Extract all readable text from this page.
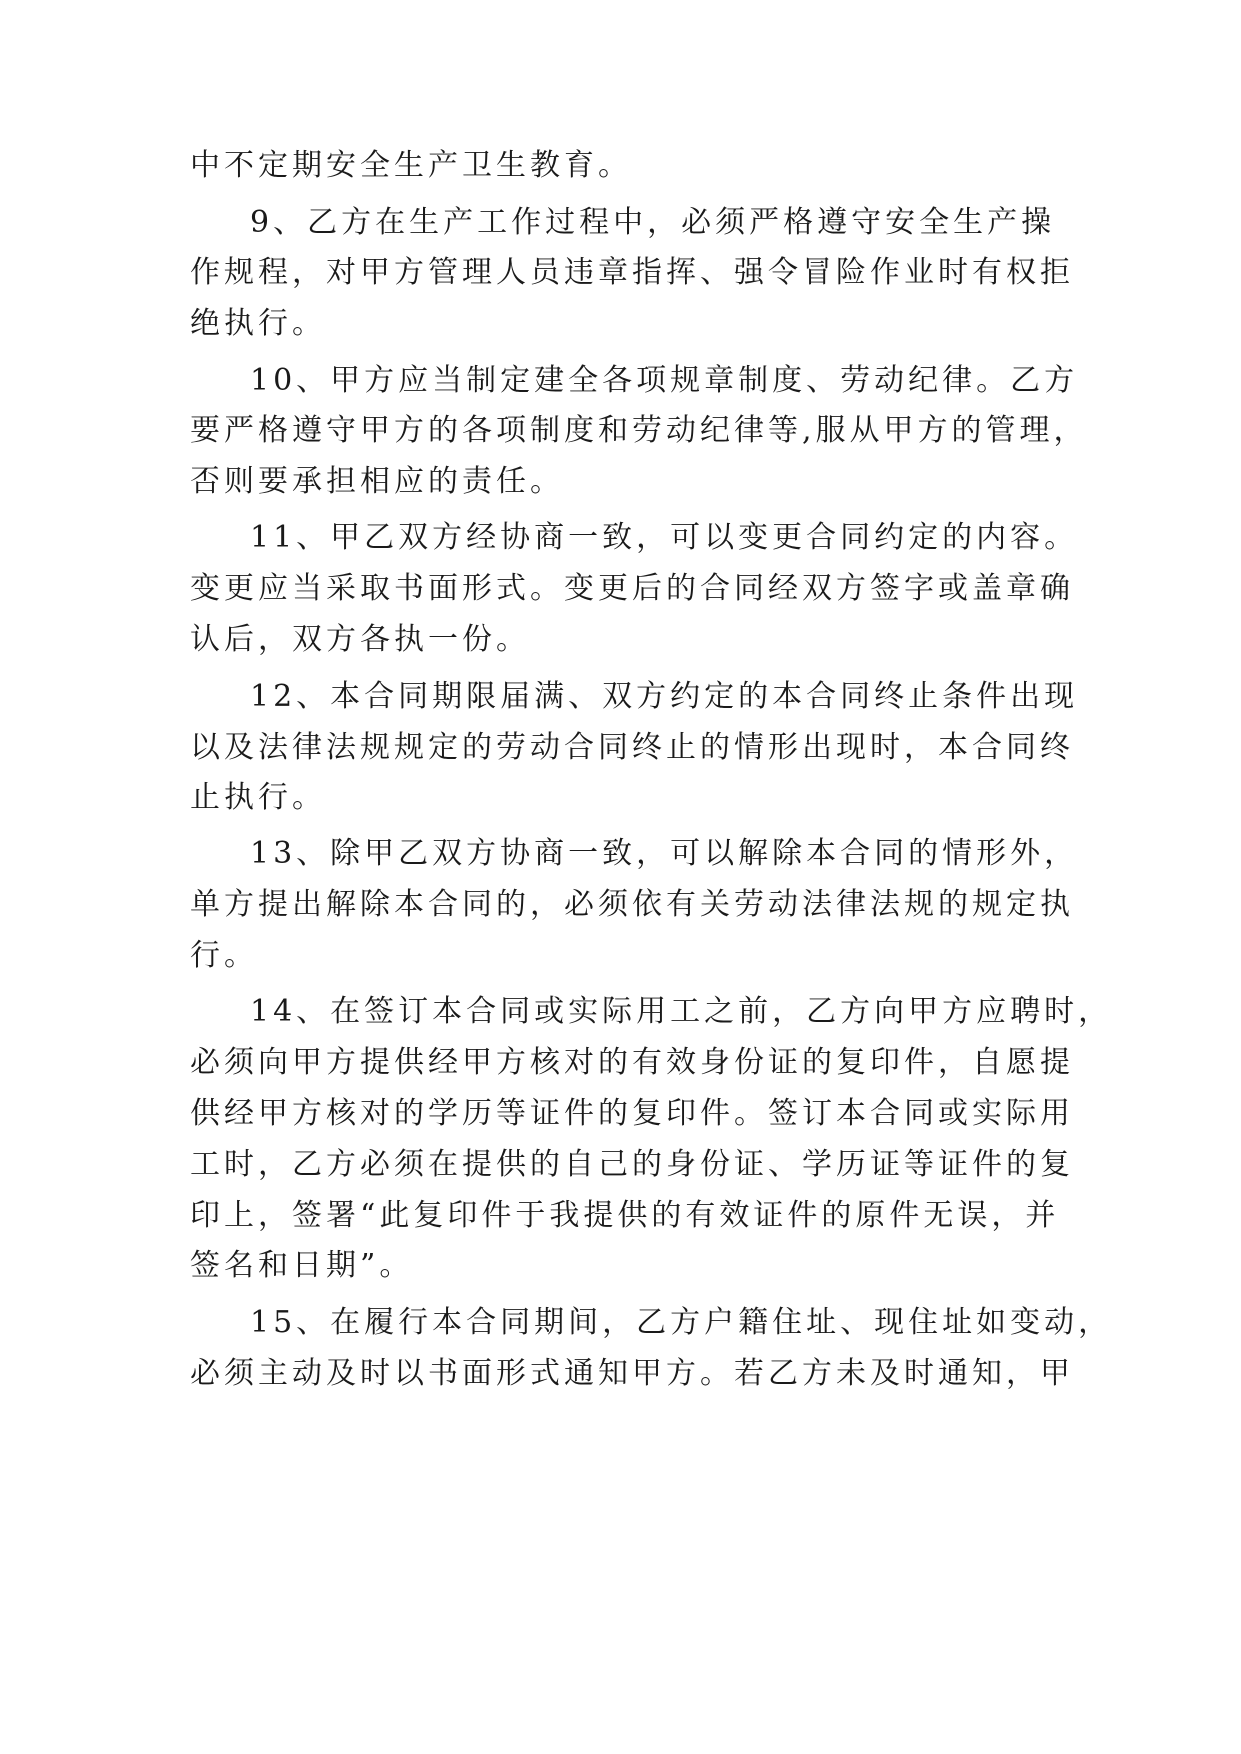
中不定期安全生产卫生教育。
9、乙方在生产工作过程中，必须严格遵守安全生产操
作规程，对甲方管理人员违章指挥、强令冒险作业时有权拒
绝执行。
10、甲方应当制定建全各项规章制度、劳动纪律。乙方
要严格遵守甲方的各项制度和劳动纪律等,服从甲方的管理，
否则要承担相应的责任。
11、甲乙双方经协商一致，可以变更合同约定的内容。
变更应当采取书面形式。变更后的合同经双方签字或盖章确
认后，双方各执一份。
12、本合同期限届满、双方约定的本合同终止条件出现
以及法律法规规定的劳动合同终止的情形出现时，本合同终
止执行。
13、除甲乙双方协商一致，可以解除本合同的情形外，
单方提出解除本合同的，必须依有关劳动法律法规的规定执
行。
14、在签订本合同或实际用工之前，乙方向甲方应聘时，
必须向甲方提供经甲方核对的有效身份证的复印件，自愿提
供经甲方核对的学历等证件的复印件。签订本合同或实际用
工时，乙方必须在提供的自己的身份证、学历证等证件的复
印上，签署“此复印件于我提供的有效证件的原件无误，并
签名和日期”。
15、在履行本合同期间，乙方户籍住址、现住址如变动，
必须主动及时以书面形式通知甲方。若乙方未及时通知，甲
